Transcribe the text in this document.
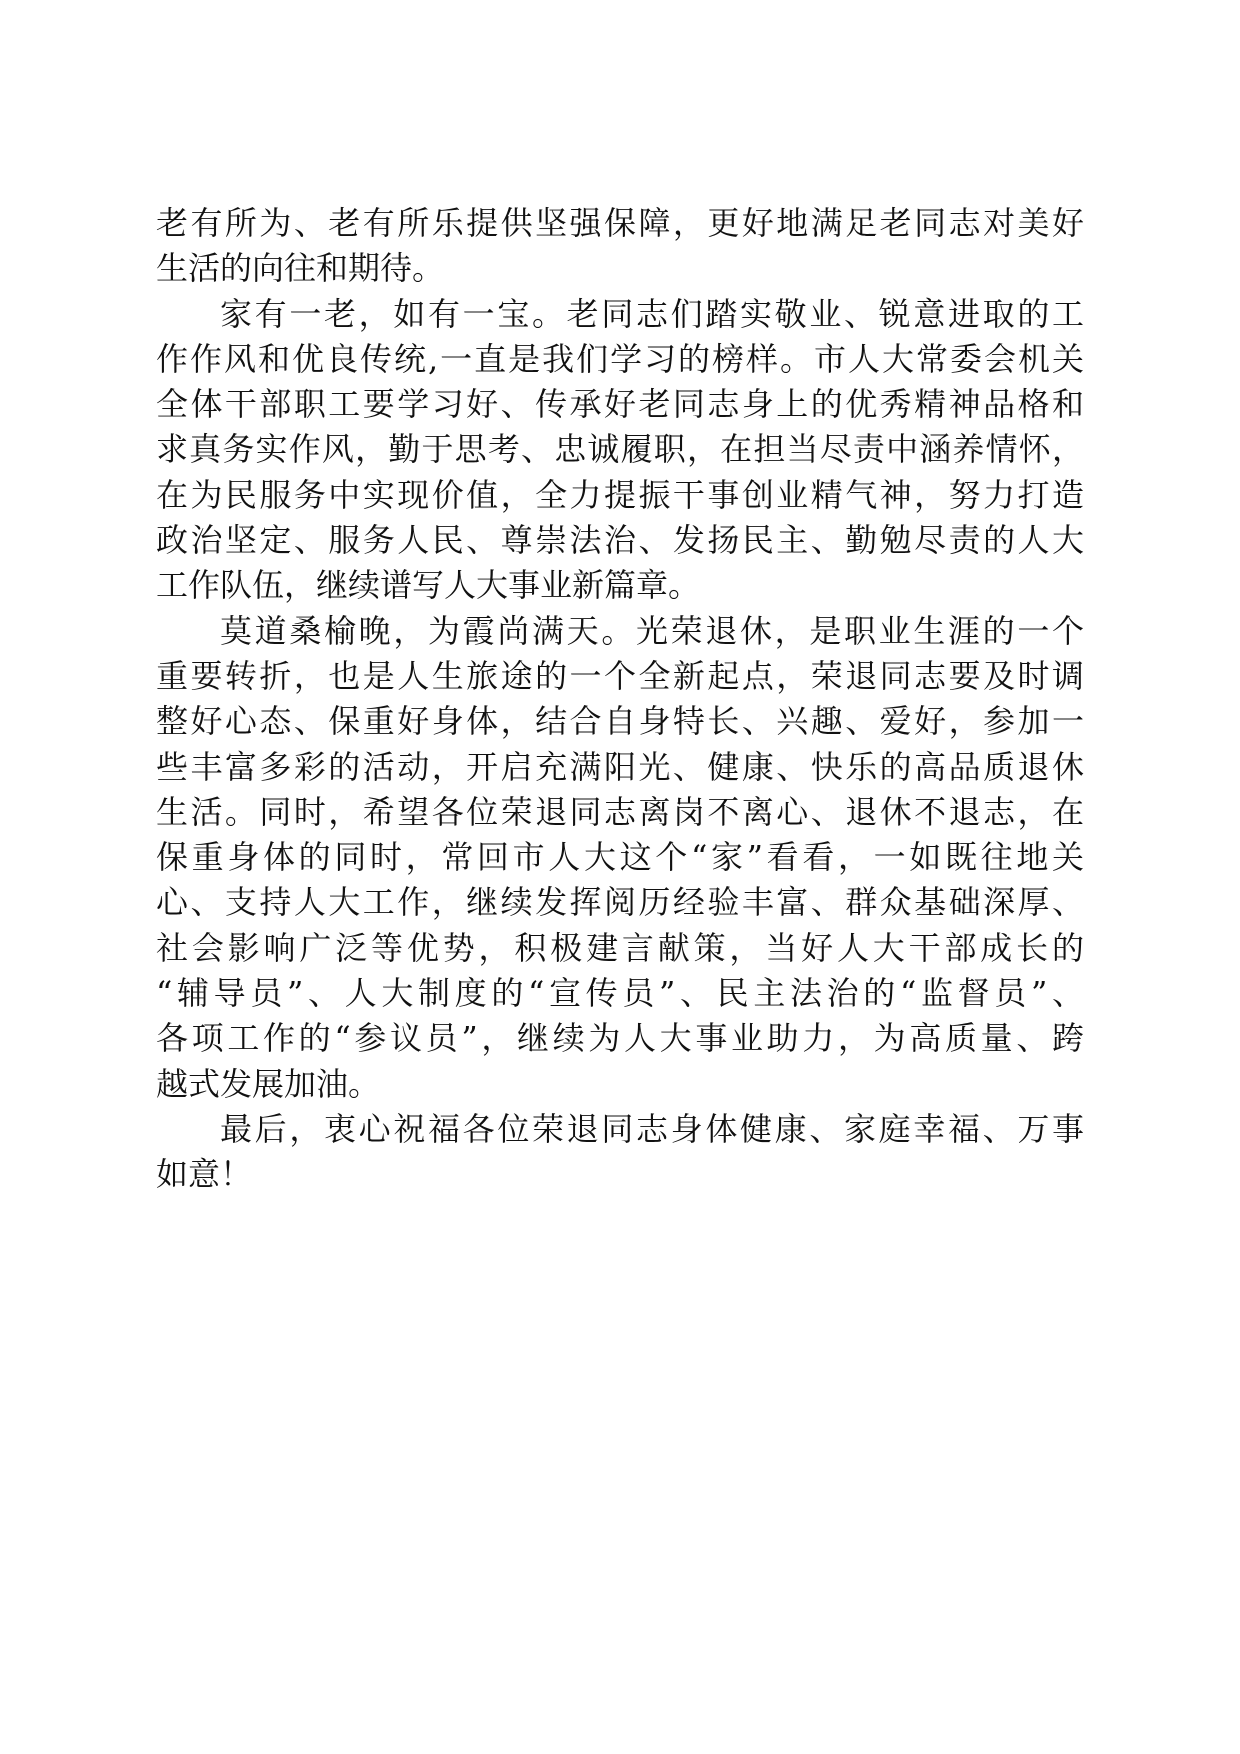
老有所为、老有所乐提供坚强保障，更好地满足老同志对美好
生活的向往和期待。
家有一老，如有一宝。老同志们踏实敬业、锐意进取的工
作作风和优良传统,一直是我们学习的榜样。市人大常委会机关
全体干部职工要学习好、传承好老同志身上的优秀精神品格和
求真务实作风，勤于思考、忠诚履职，在担当尽责中涵养情怀，
在为民服务中实现价值，全力提振干事创业精气神，努力打造
政治坚定、服务人民、尊崇法治、发扬民主、勤勉尽责的人大
工作队伍，继续谱写人大事业新篇章。
莫道桑榆晚，为霞尚满天。光荣退休，是职业生涯的一个
重要转折，也是人生旅途的一个全新起点，荣退同志要及时调
整好心态、保重好身体，结合自身特长、兴趣、爱好，参加一
些丰富多彩的活动，开启充满阳光、健康、快乐的高品质退休
生活。同时，希望各位荣退同志离岗不离心、退休不退志，在
保重身体的同时，常回市人大这个“家”看看，一如既往地关
心、支持人大工作，继续发挥阅历经验丰富、群众基础深厚、
社会影响广泛等优势，积极建言献策，当好人大干部成长的
“辅导员”、人大制度的“宣传员”、民主法治的“监督员”、
各项工作的“参议员”，继续为人大事业助力，为高质量、跨
越式发展加油。
最后，衷心祝福各位荣退同志身体健康、家庭幸福、万事
如意！
